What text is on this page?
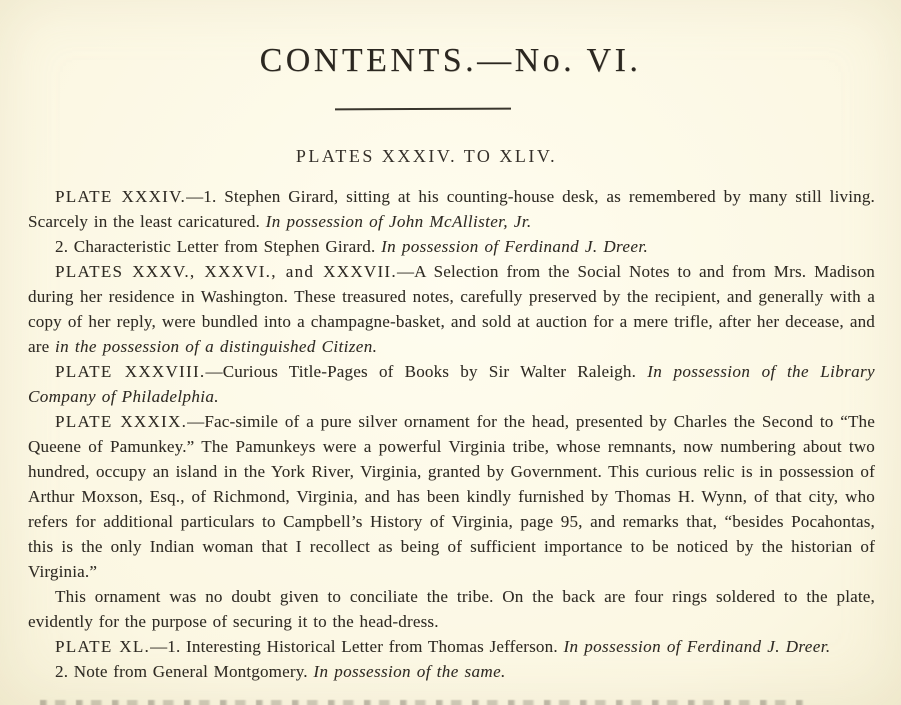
CONTENTS.—No. VI.
PLATES XXXIV. TO XLIV.

PLATE XXXIV.—1. Stephen Girard, sitting at his counting-house desk, as remembered by many still living. Scarcely in the least caricatured. In possession of John McAllister, Jr.

2. Characteristic Letter from Stephen Girard. In possession of Ferdinand J. Dreer.

PLATES XXXV., XXXVI., and XXXVII.—A Selection from the Social Notes to and from Mrs. Madison during her residence in Washington. These treasured notes, carefully preserved by the recipient, and generally with a copy of her reply, were bundled into a champagne-basket, and sold at auction for a mere trifle, after her decease, and are in the possession of a distinguished Citizen.

PLATE XXXVIII.—Curious Title-Pages of Books by Sir Walter Raleigh. In possession of the Library Company of Philadelphia.

PLATE XXXIX.—Fac-simile of a pure silver ornament for the head, presented by Charles the Second to “The Queene of Pamunkey.” The Pamunkeys were a powerful Virginia tribe, whose remnants, now numbering about two hundred, occupy an island in the York River, Virginia, granted by Government. This curious relic is in possession of Arthur Moxson, Esq., of Richmond, Virginia, and has been kindly furnished by Thomas H. Wynn, of that city, who refers for additional particulars to Campbell’s History of Virginia, page 95, and remarks that, “besides Pocahontas, this is the only Indian woman that I recollect as being of sufficient importance to be noticed by the historian of Virginia.”

This ornament was no doubt given to conciliate the tribe. On the back are four rings soldered to the plate, evidently for the purpose of securing it to the head-dress.

PLATE XL.—1. Interesting Historical Letter from Thomas Jefferson. In possession of Ferdinand J. Dreer.

2. Note from General Montgomery. In possession of the same.
